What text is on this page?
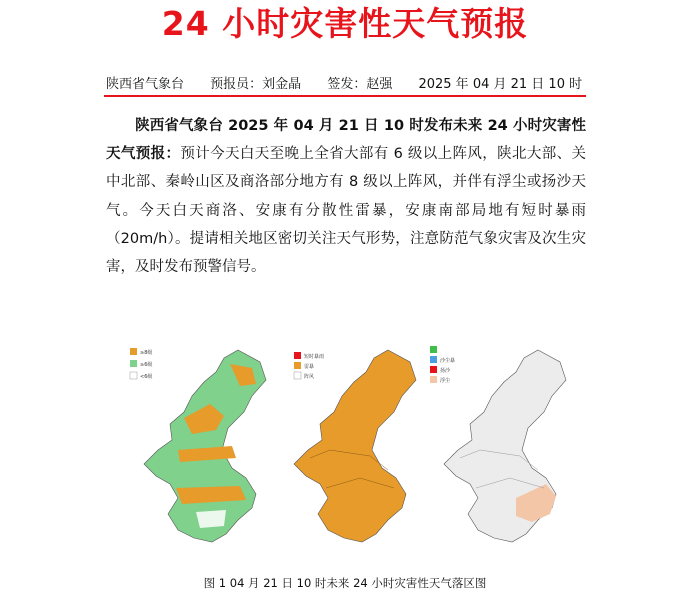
24 小时灾害性天气预报
陕西省气象台 预报员：刘金晶 签发：赵强 2025 年 04 月 21 日 10 时
陕西省气象台 2025 年 04 月 21 日 10 时发布未来 24 小时灾害性天气预报：预计今天白天至晚上全省大部有 6 级以上阵风，陕北大部、关中北部、秦岭山区及商洛部分地方有 8 级以上阵风，并伴有浮尘或扬沙天气。今天白天商洛、安康有分散性雷暴，安康南部局地有短时暴雨（20m/h）。提请相关地区密切关注天气形势，注意防范气象灾害及次生灾害，及时发布预警信号。
≥8级
≥6级
<6级
短时暴雨
雷暴
阵风
沙尘暴
扬沙
浮尘
图 1 04 月 21 日 10 时未来 24 小时灾害性天气落区图
